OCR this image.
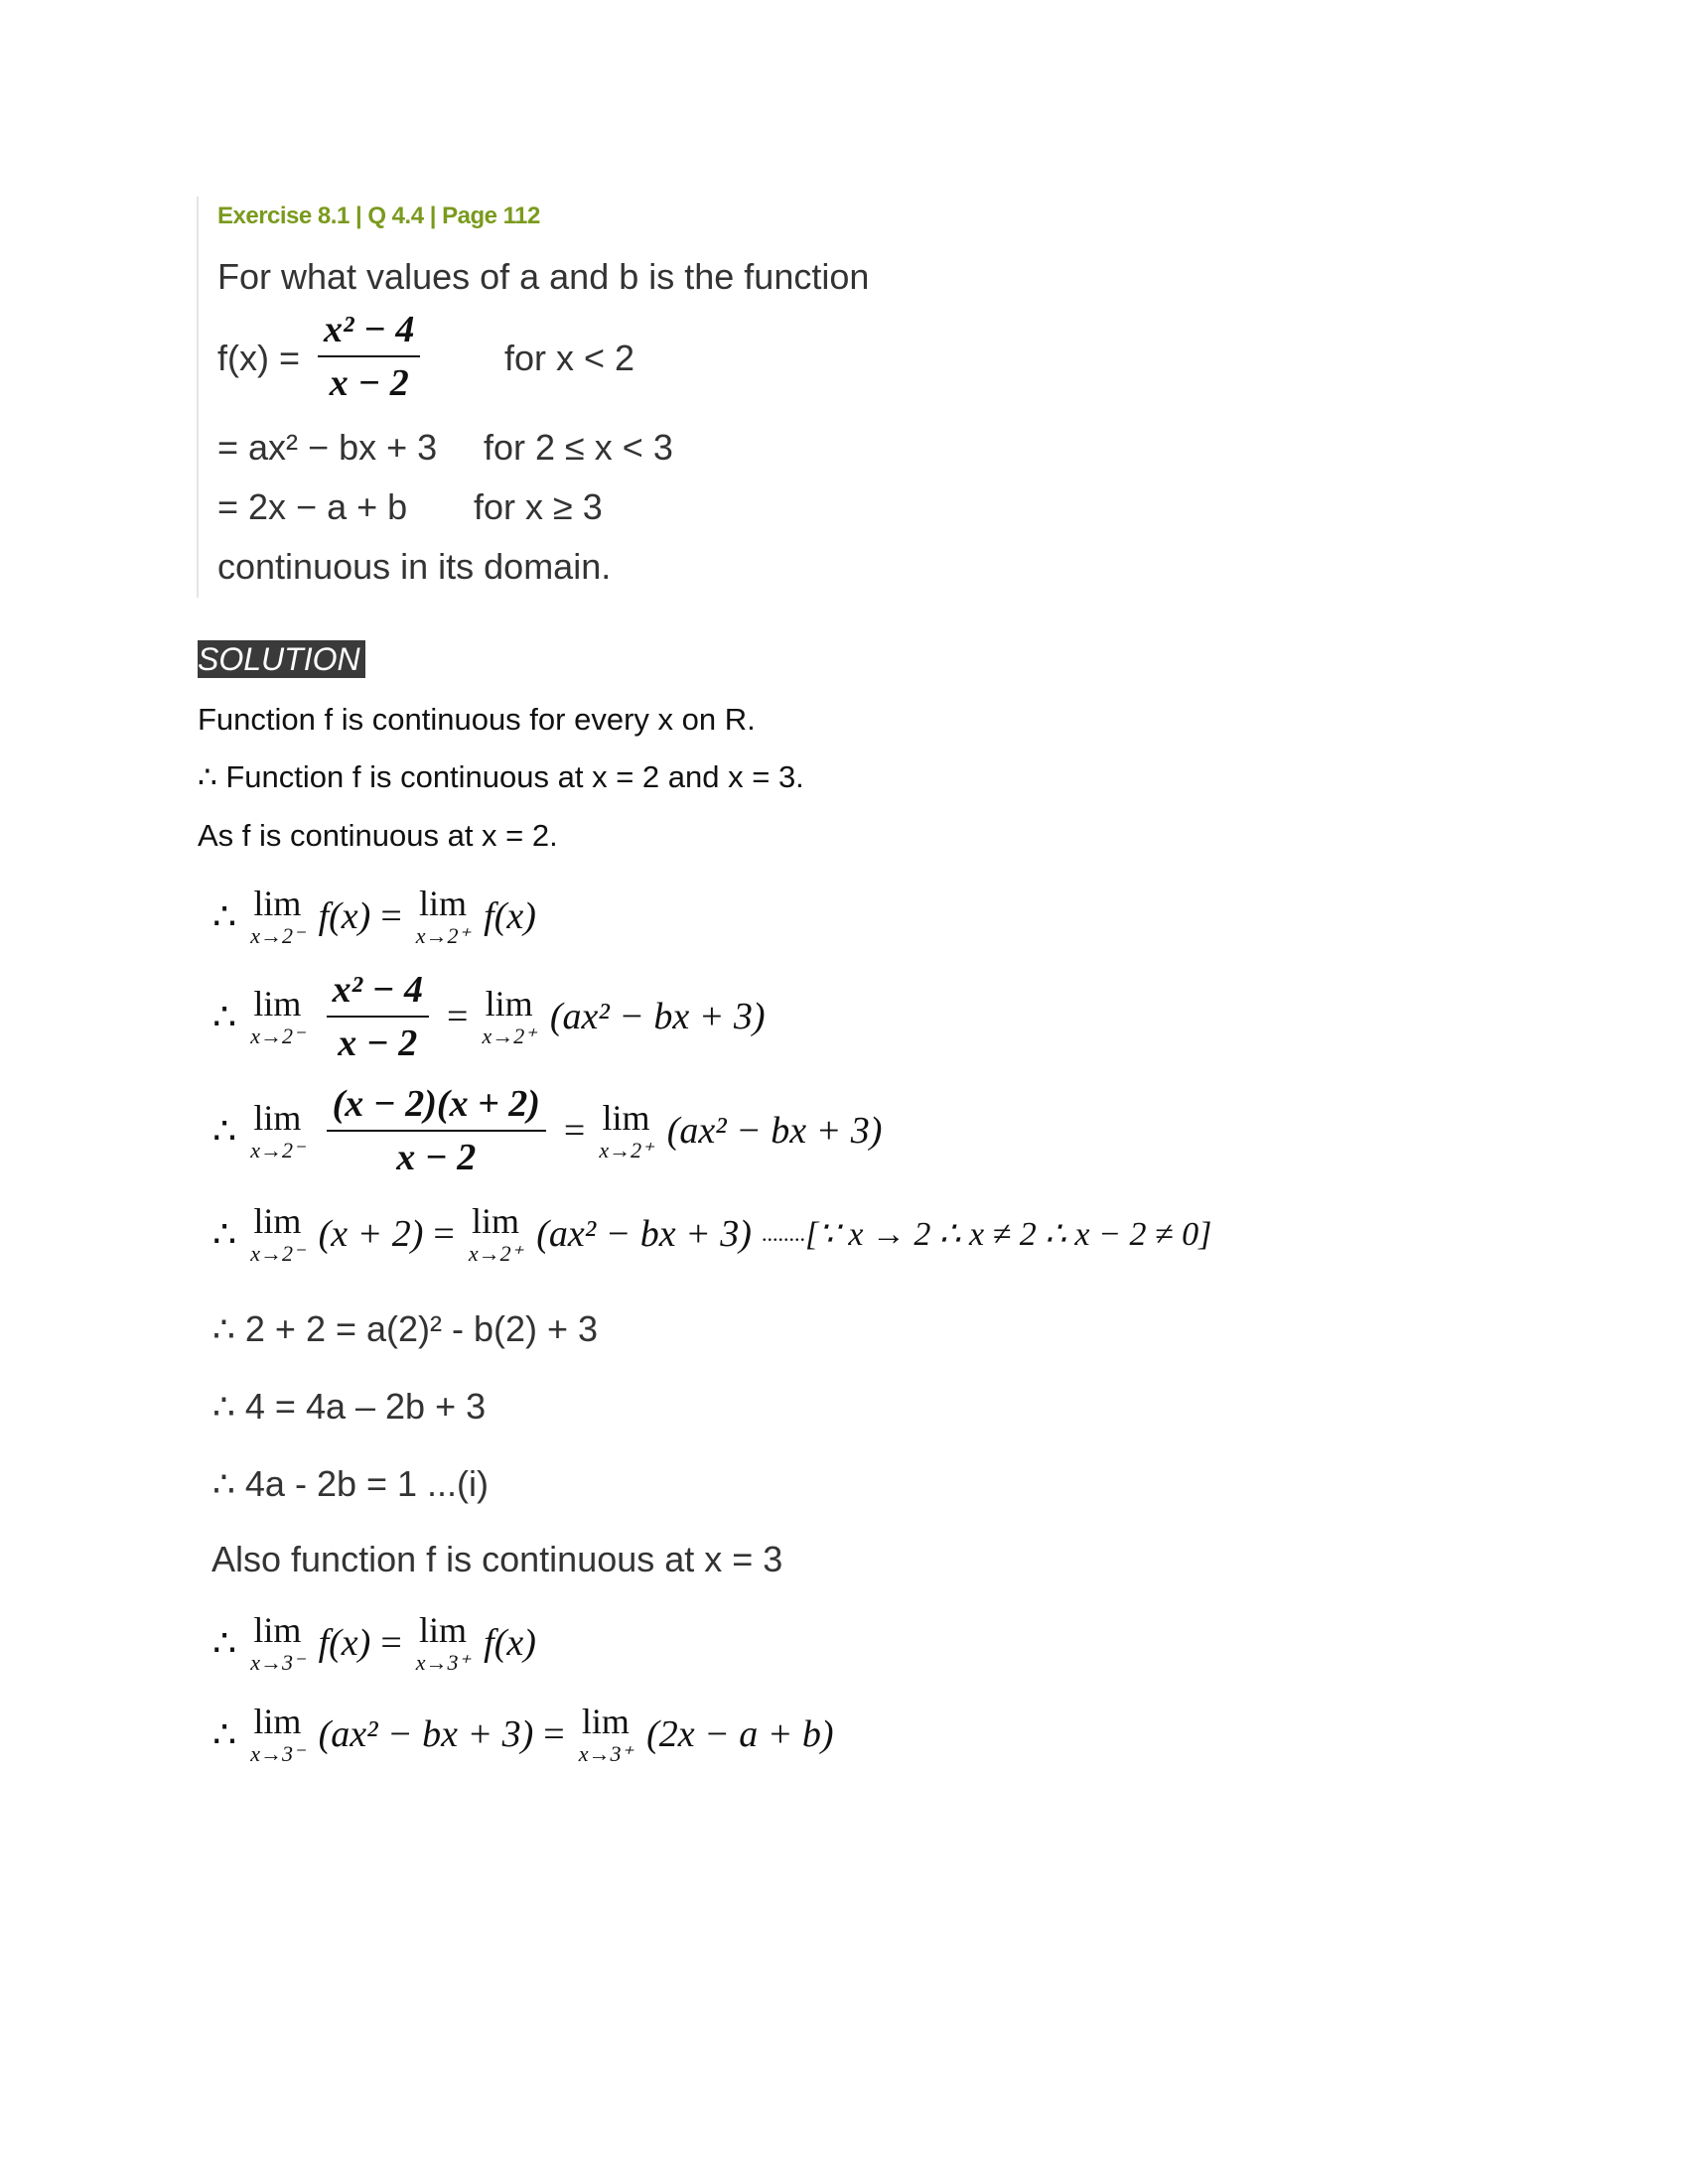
Exercise 8.1 | Q 4.4 | Page 112
For what values of a and b is the function
$f(x) = \frac{\text{x² − 4}}{x - 2}$ for x < 2
= ax² − bx + 3 for 2 ≤ x < 3
= 2x − a + b for x ≥ 3
continuous in its domain.
SOLUTION
Function f is continuous for every x on R.
∴ Function f is continuous at x = 2 and x = 3.
As f is continuous at x = 2.
∴ lim
x→2⁻ f(x) = lim
x→2⁺ f(x)
∴ lim
$x\to 2^- \frac{\text{x² − 4}}{x - 2} = \lim$
x→2⁺ (ax² − bx + 3)
∴ lim
$x\to 2^- \frac{(x - 2)(x + 2)}{x - 2} = \lim$
x→2⁺ (ax² − bx + 3)
∴ lim
x→2⁻ (x + 2) = lim
x→2⁺ (ax² − bx + 3) ........ [∵ x → 2 ∴ x ≠ 2 ∴ x − 2 ≠ 0]
∴ 2 + 2 = a(2)² - b(2) + 3
∴ 4 = 4a – 2b + 3
∴ 4a - 2b = 1 ...(i)
Also function f is continuous at x = 3
∴ lim
x→3⁻ f(x) = lim
x→3⁺ f(x)
∴ lim
x→3⁻ (ax² − bx + 3) = lim
x→3⁺ (2x − a + b)
